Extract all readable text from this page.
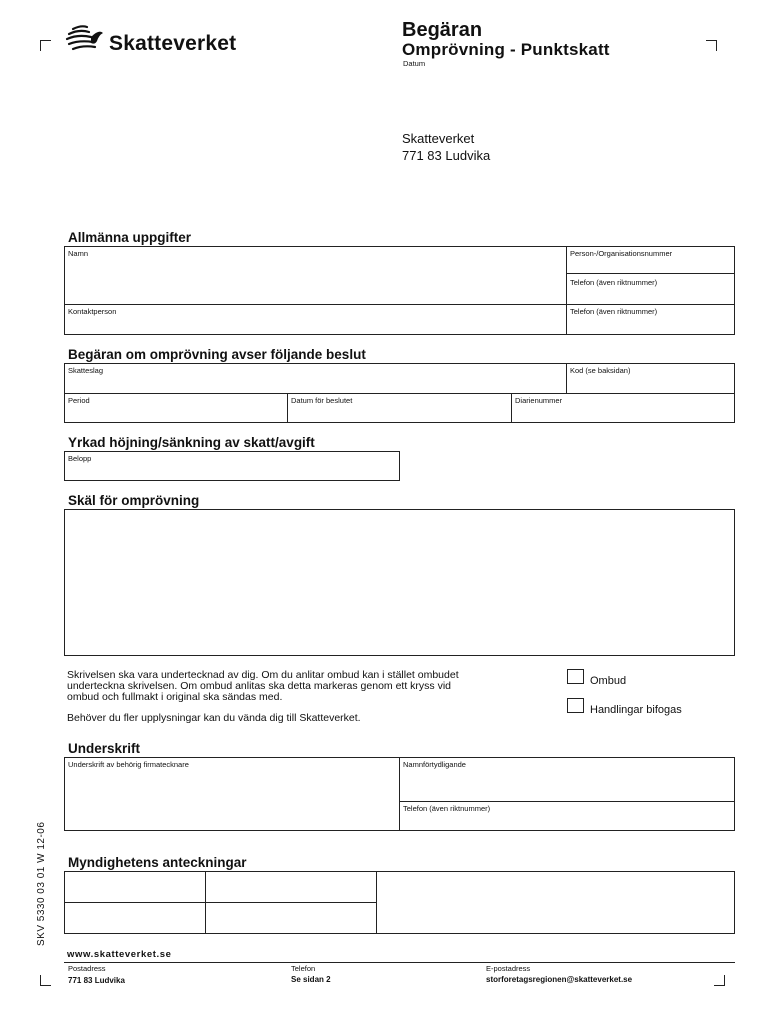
Skatteverket
Begäran
Omprövning - Punktskatt
Datum
Skatteverket
771 83 Ludvika
Allmänna uppgifter
Namn	Person-/Organisationsnummer
Telefon (även riktnummer)
Kontaktperson	Telefon (även riktnummer)
Begäran om omprövning avser följande beslut
Skatteslag	Kod (se baksidan)
Period	Datum för beslutet	Diarienummer
Yrkad höjning/sänkning av skatt/avgift
Belopp
Skäl för omprövning
Skrivelsen ska vara undertecknad av dig. Om du anlitar ombud kan i stället ombudet
underteckna skrivelsen. Om ombud anlitas ska detta markeras genom ett kryss vid
ombud och fullmakt i original ska sändas med.
Behöver du fler upplysningar kan du vända dig till Skatteverket.
Ombud
Handlingar bifogas
Underskrift
Underskrift av behörig firmatecknare	Namnförtydligande
Telefon (även riktnummer)
Myndighetens anteckningar
SKV 5330 03 01 W 12-06
www.skatteverket.se
Postadress
771 83 Ludvika
Telefon
Se sidan 2
E-postadress
storforetagsregionen@skatteverket.se
